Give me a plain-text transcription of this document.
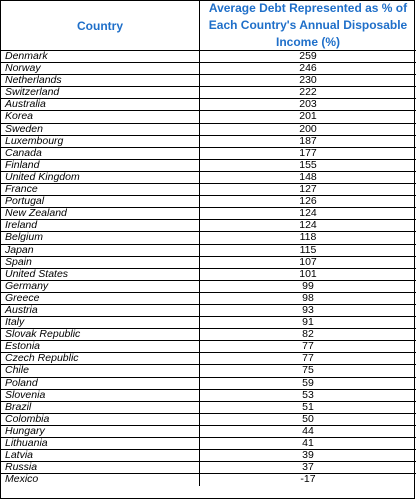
Country
Average Debt Represented as % of Each Country's Annual Disposable Income (%)
Denmark	259
Norway	246
Netherlands	230
Switzerland	222
Australia	203
Korea	201
Sweden	200
Luxembourg	187
Canada	177
Finland	155
United Kingdom	148
France	127
Portugal	126
New Zealand	124
Ireland	124
Belgium	118
Japan	115
Spain	107
United States	101
Germany	99
Greece	98
Austria	93
Italy	91
Slovak Republic	82
Estonia	77
Czech Republic	77
Chile	75
Poland	59
Slovenia	53
Brazil	51
Colombia	50
Hungary	44
Lithuania	41
Latvia	39
Russia	37
Mexico	-17
